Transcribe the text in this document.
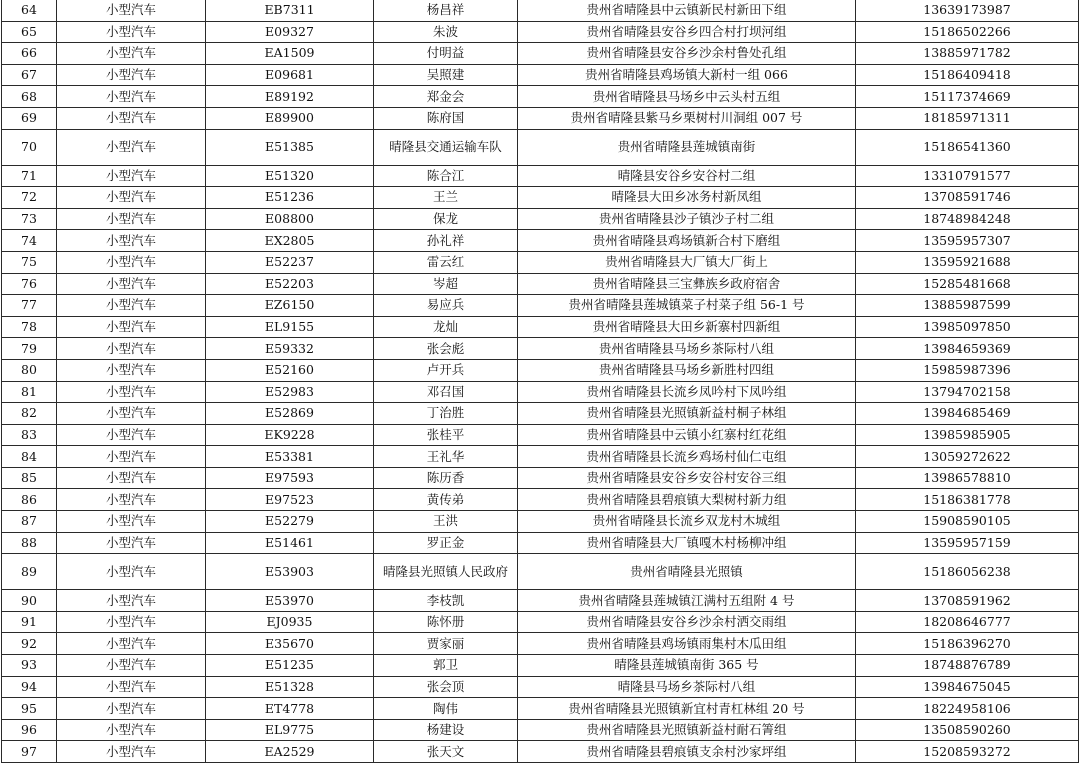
64	小型汽车	EB7311	杨昌祥	贵州省晴隆县中云镇新民村新田下组	13639173987
65	小型汽车	E09327	朱波	贵州省晴隆县安谷乡四合村打坝河组	15186502266
66	小型汽车	EA1509	付明益	贵州省晴隆县安谷乡沙余村鲁处孔组	13885971782
67	小型汽车	E09681	吴照建	贵州省晴隆县鸡场镇大新村一组 066	15186409418
68	小型汽车	E89192	郑金会	贵州省晴隆县马场乡中云头村五组	15117374669
69	小型汽车	E89900	陈府国	贵州省晴隆县紫马乡栗树村川洞组 007 号	18185971311
70	小型汽车	E51385	晴隆县交通运输车队	贵州省晴隆县莲城镇南街	15186541360
71	小型汽车	E51320	陈合江	晴隆县安谷乡安谷村二组	13310791577
72	小型汽车	E51236	王兰	晴隆县大田乡冰务村新凤组	13708591746
73	小型汽车	E08800	保龙	贵州省晴隆县沙子镇沙子村二组	18748984248
74	小型汽车	EX2805	孙礼祥	贵州省晴隆县鸡场镇新合村下磨组	13595957307
75	小型汽车	E52237	雷云红	贵州省晴隆县大厂镇大厂街上	13595921688
76	小型汽车	E52203	岑超	贵州省晴隆县三宝彝族乡政府宿舍	15285481668
77	小型汽车	EZ6150	易应兵	贵州省晴隆县莲城镇菜子村菜子组 56-1 号	13885987599
78	小型汽车	EL9155	龙灿	贵州省晴隆县大田乡新寨村四新组	13985097850
79	小型汽车	E59332	张会彪	贵州省晴隆县马场乡茶际村八组	13984659369
80	小型汽车	E52160	卢开兵	贵州省晴隆县马场乡新胜村四组	15985987396
81	小型汽车	E52983	邓召国	贵州省晴隆县长流乡凤吟村下凤吟组	13794702158
82	小型汽车	E52869	丁治胜	贵州省晴隆县光照镇新益村桐子林组	13984685469
83	小型汽车	EK9228	张桂平	贵州省晴隆县中云镇小红寨村红花组	13985985905
84	小型汽车	E53381	王礼华	贵州省晴隆县长流乡鸡场村仙仁屯组	13059272622
85	小型汽车	E97593	陈历香	贵州省晴隆县安谷乡安谷村安谷三组	13986578810
86	小型汽车	E97523	黄传弟	贵州省晴隆县碧痕镇大梨树村新力组	15186381778
87	小型汽车	E52279	王洪	贵州省晴隆县长流乡双龙村木城组	15908590105
88	小型汽车	E51461	罗正金	贵州省晴隆县大厂镇嘎木村杨柳冲组	13595957159
89	小型汽车	E53903	晴隆县光照镇人民政府	贵州省晴隆县光照镇	15186056238
90	小型汽车	E53970	李枝凯	贵州省晴隆县莲城镇江满村五组附 4 号	13708591962
91	小型汽车	EJ0935	陈怀册	贵州省晴隆县安谷乡沙余村洒交雨组	18208646777
92	小型汽车	E35670	贾家丽	贵州省晴隆县鸡场镇雨集村木瓜田组	15186396270
93	小型汽车	E51235	郭卫	晴隆县莲城镇南街 365 号	18748876789
94	小型汽车	E51328	张会顶	晴隆县马场乡茶际村八组	13984675045
95	小型汽车	ET4778	陶伟	贵州省晴隆县光照镇新宜村青杠林组 20 号	18224958106
96	小型汽车	EL9775	杨建设	贵州省晴隆县光照镇新益村耐石箐组	13508590260
97	小型汽车	EA2529	张天文	贵州省晴隆县碧痕镇支余村沙家坪组	15208593272
